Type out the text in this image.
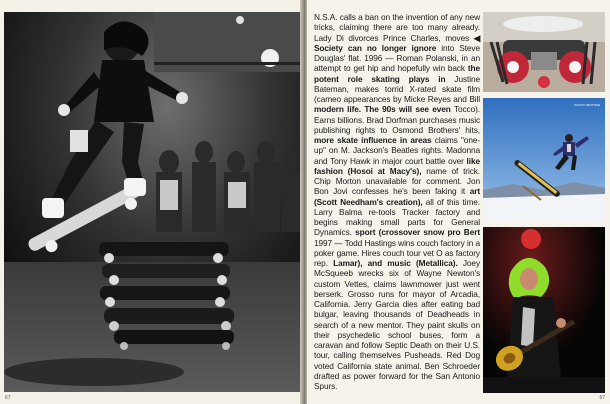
67

N.S.A. calls a ban on the invention of any new tricks, claiming there are too many already. Lady Di divorces Prince Charles, moves ◀ Society can no longer ignore into Steve Douglas' flat. 1996 — Roman Polanski, in an attempt to get hip and hopefully win back the potent role skating plays in Justine Bateman, makes torrid X-rated skate film (cameo appearances by Micke Reyes and Bill modern life. The 90s will see even Tocco). Earns billions. Brad Dorfman purchases music publishing rights to Osmond Brothers' hits, more skate influence in areas claims "one-up" on M. Jackson's Beatles rights. Madonna and Tony Hawk in major court battle over like fashion (Hosoi at Macy's), name of trick. Chip Morton unavailable for comment. Jon Bon Jovi confesses he's been faking it art (Scott Needham's creation), all of this time. Larry Balma re-tools Tracker factory and begins making small parts for General Dynamics. sport (crossover snow pro Bert 1997 — Todd Hastings wins couch factory in a poker game. Hires couch tour vet O as factory rep. Lamar), and music (Metallica). Joey McSqueeb wrecks six of Wayne Newton's custom Vettes, claims lawnmower just went berserk. Grosso runs for mayor of Arcadia, California. Jerry Garcia dies after eating bad bulgar, leaving thousands of Deadheads in search of a new mentor. They paint skulls on their psychedelic school buses, form a caravan and follow Septic Death on their U.S. tour, calling themselves Pusheads. Red Dog voted California state animal. Ben Schroeder drafted as power forward for the San Antonio Spurs.

PHOTO: BRITTAIN
67
